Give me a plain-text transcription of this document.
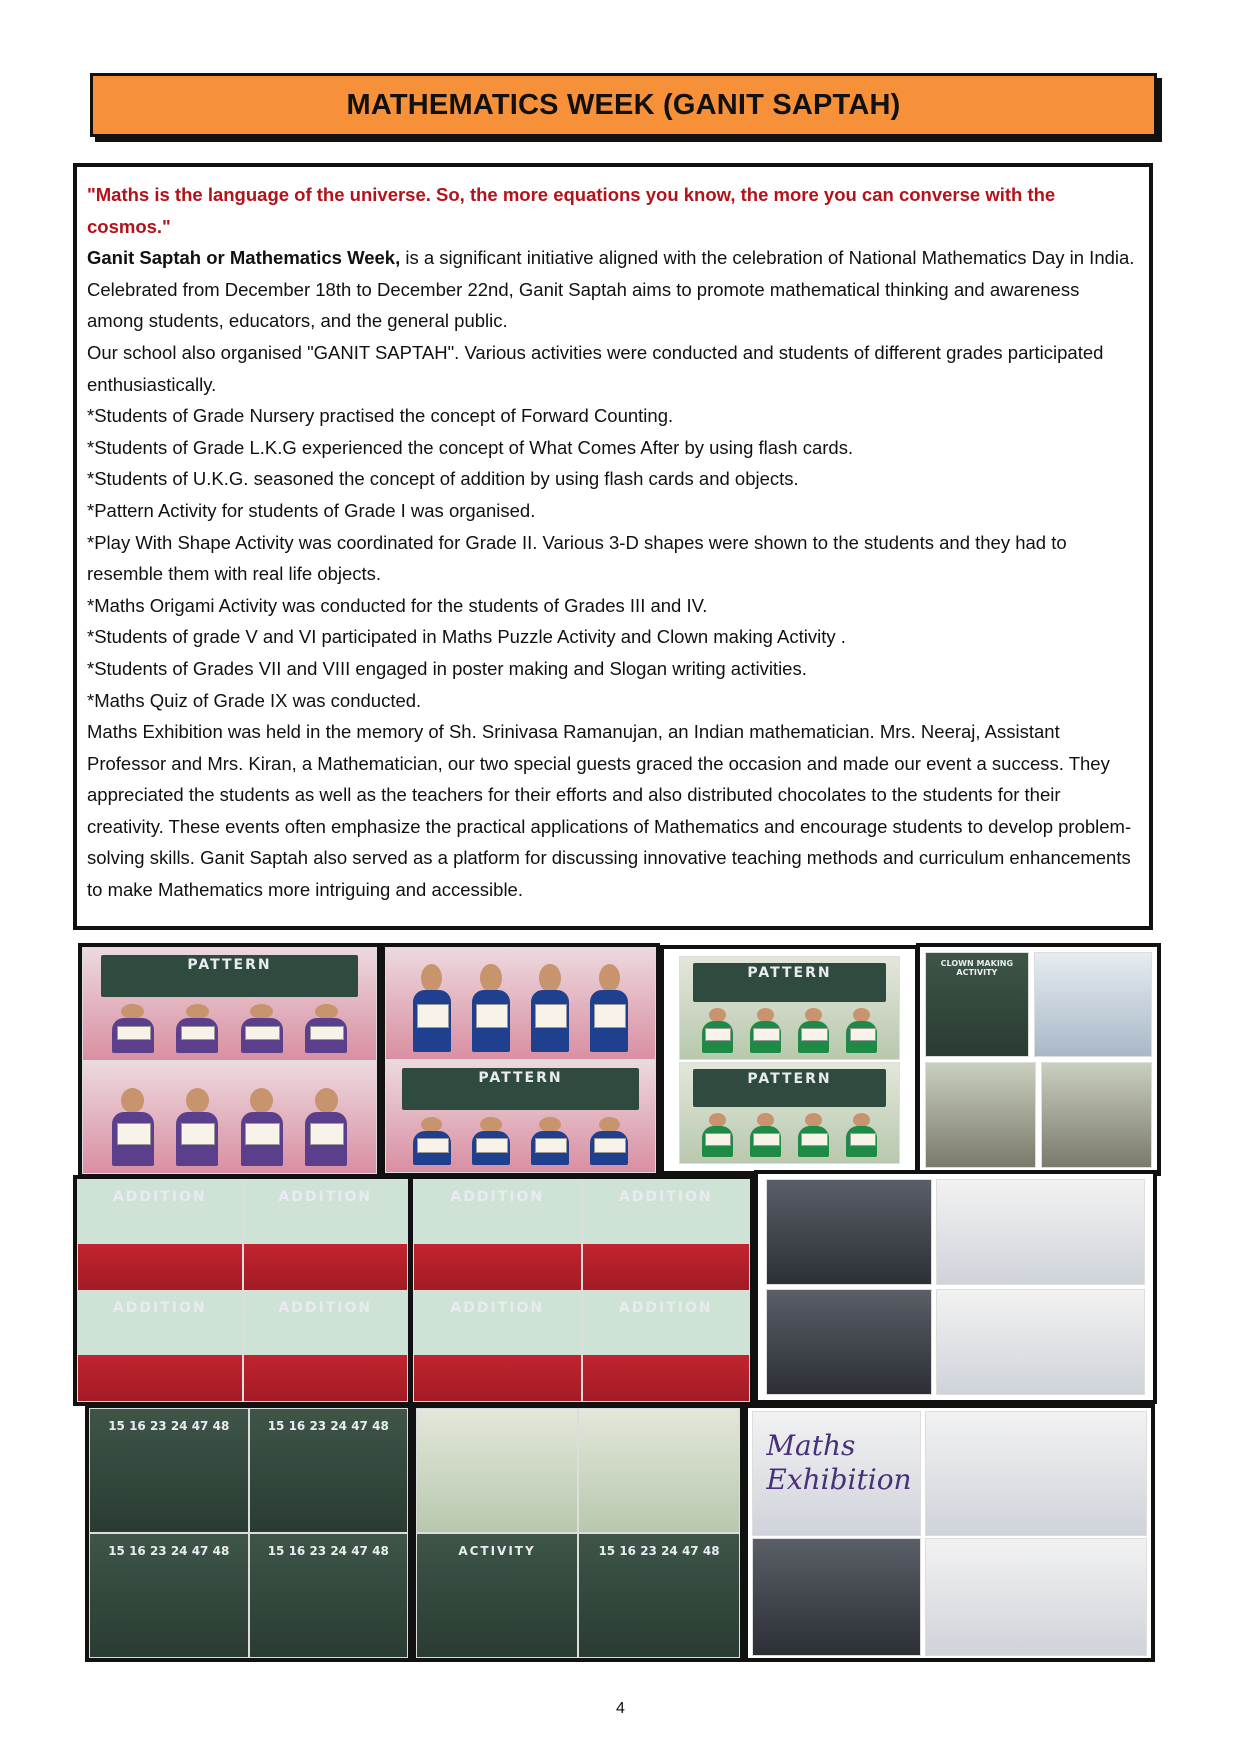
MATHEMATICS WEEK (GANIT SAPTAH)

"Maths is the language of the universe. So, the more equations you know, the more you can converse with the
cosmos."

Ganit Saptah or Mathematics Week, is a significant initiative aligned with the celebration of National Mathematics Day in India. Celebrated from December 18th to December 22nd, Ganit Saptah aims to promote mathematical thinking and awareness among students, educators, and the general public.

Our school also organised "GANIT SAPTAH". Various activities were conducted and students of different grades participated enthusiastically.

*Students of Grade Nursery practised the concept of Forward Counting.

*Students of Grade L.K.G experienced the concept of What Comes After by using flash cards.

*Students of U.K.G. seasoned the concept of addition by using flash cards and objects.

*Pattern Activity for students of Grade I was organised.

*Play With Shape Activity was coordinated for Grade II. Various 3-D shapes were shown to the students and they had to resemble them with real life objects.

*Maths Origami Activity was conducted for the students of Grades III and IV.

*Students of grade V and VI participated in Maths Puzzle Activity and Clown making Activity .

*Students of Grades VII and VIII engaged in poster making and Slogan writing activities.

*Maths Quiz of Grade IX was conducted.

Maths Exhibition was held in the memory of Sh. Srinivasa Ramanujan, an Indian mathematician. Mrs. Neeraj, Assistant Professor and Mrs. Kiran, a Mathematician, our two special guests graced the occasion and made our event a success. They appreciated the students as well as the teachers for their efforts and also distributed chocolates to the students for their creativity. These events often emphasize the practical applications of Mathematics and encourage students to develop problem-solving skills. Ganit Saptah also served as a platform for discussing innovative teaching methods and curriculum enhancements to make Mathematics more intriguing and accessible.

PATTERN
PATTERN
PATTERN
PATTERN
CLOWN MAKING ACTIVITY
ADDITION	ADDITION
ADDITION	ADDITION
ADDITION	ADDITION
ADDITION	ADDITION
15 16 23 24 47 48	15 16 23 24 47 48
15 16 23 24 47 48	15 16 23 24 47 48	ACTIVITY	15 16 23 24 47 48
Maths
Exhibition
4
